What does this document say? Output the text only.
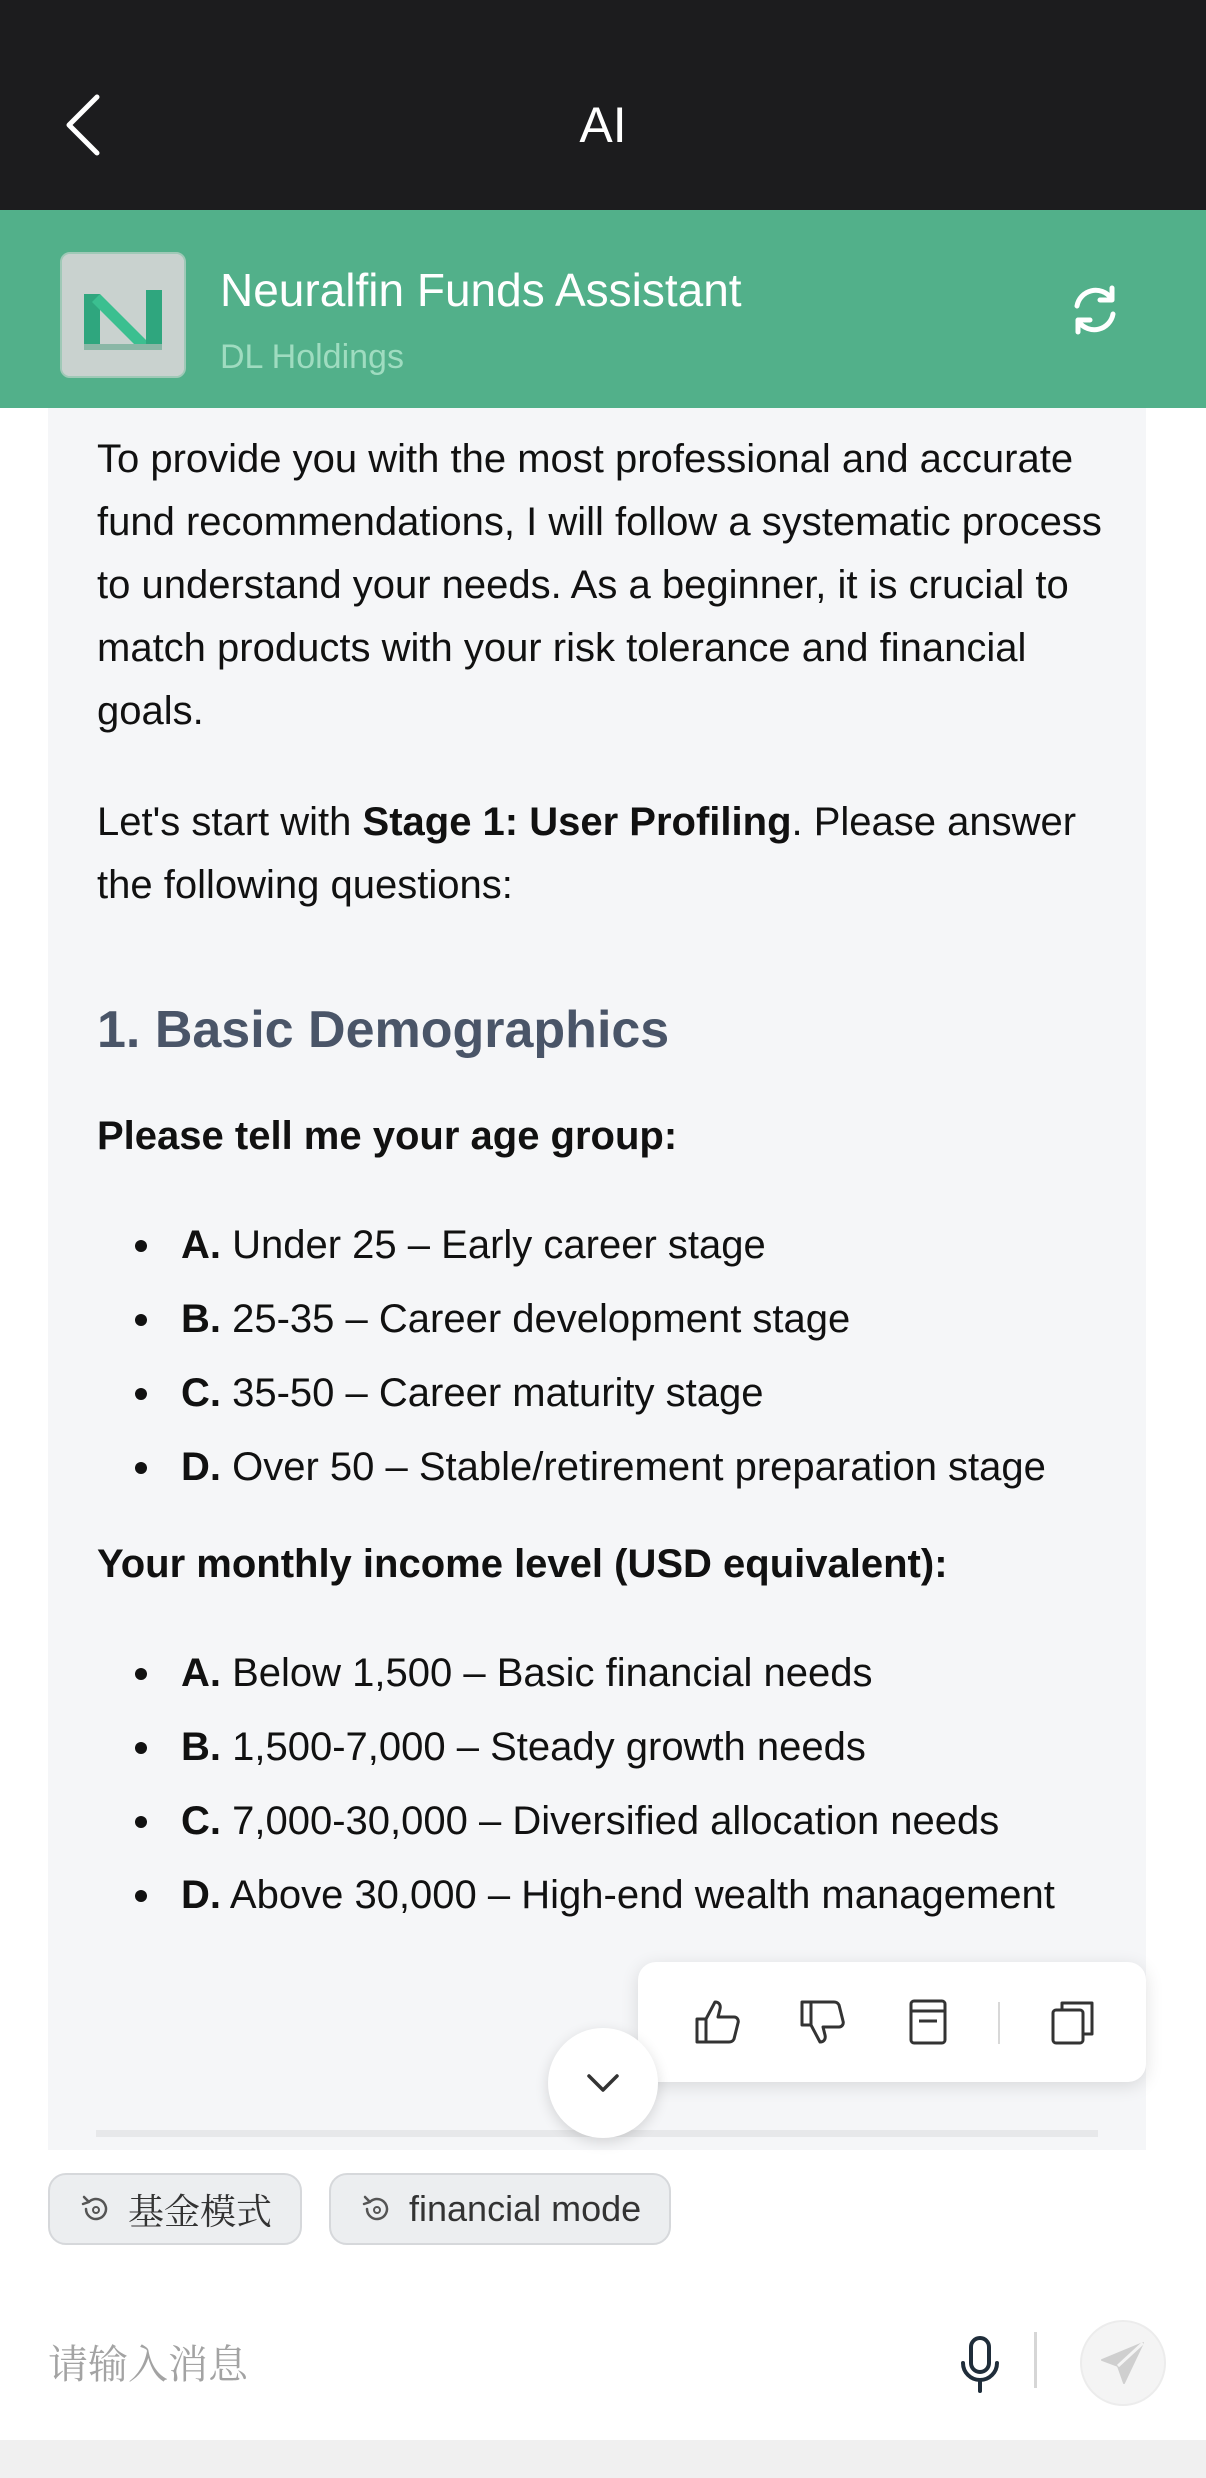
AI
Neuralfin Funds Assistant
DL Holdings

To provide you with the most professional and accurate fund recommendations, I will follow a systematic process to understand your needs. As a beginner, it is crucial to match products with your risk tolerance and financial goals.

Let's start with Stage 1: User Profiling. Please answer the following questions:

1. Basic Demographics
Please tell me your age group:
A. Under 25 – Early career stage
B. 25-35 – Career development stage
C. 35-50 – Career maturity stage
D. Over 50 – Stable/retirement preparation stage
Your monthly income level (USD equivalent):
A. Below 1,500 – Basic financial needs
B. 1,500-7,000 – Steady growth needs
C. 7,000-30,000 – Diversified allocation needs
D. Above 30,000 – High-end wealth management
基金模式	financial mode
请输入消息
